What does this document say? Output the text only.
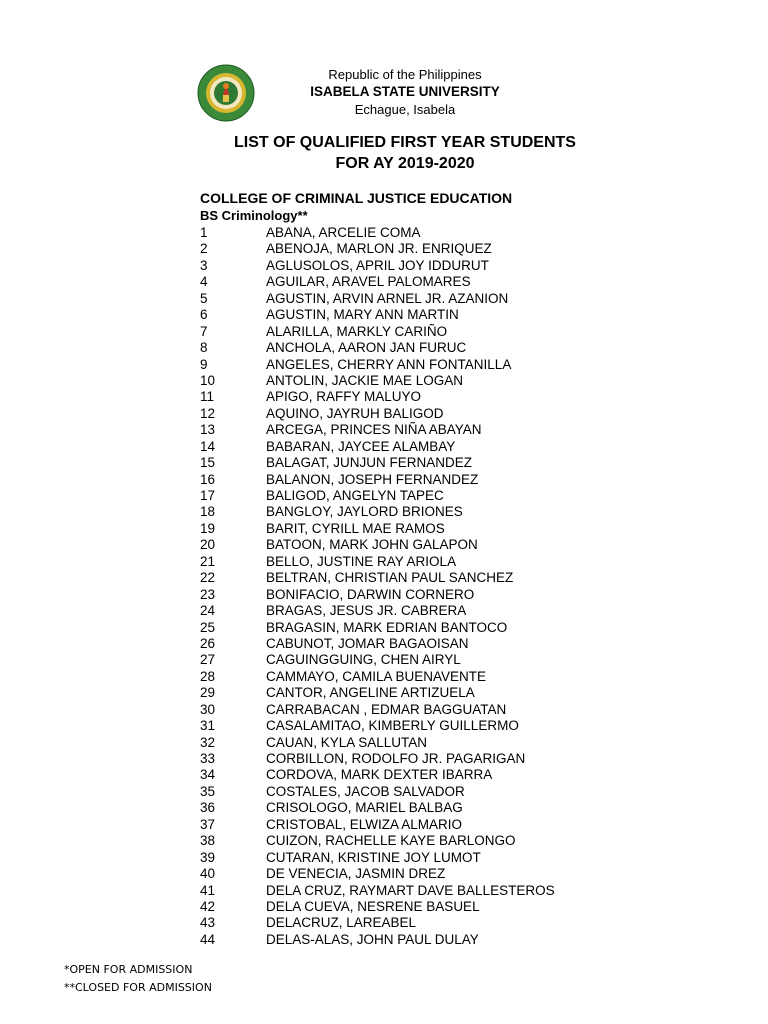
Republic of the Philippines
ISABELA STATE UNIVERSITY
Echague, Isabela
LIST OF QUALIFIED FIRST YEAR STUDENTS
FOR AY 2019-2020
COLLEGE OF CRIMINAL JUSTICE EDUCATION
BS Criminology**
1	ABANA, ARCELIE COMA
2	ABENOJA, MARLON JR. ENRIQUEZ
3	AGLUSOLOS, APRIL JOY IDDURUT
4	AGUILAR, ARAVEL PALOMARES
5	AGUSTIN, ARVIN ARNEL JR. AZANION
6	AGUSTIN, MARY ANN MARTIN
7	ALARILLA, MARKLY CARIÑO
8	ANCHOLA, AARON JAN FURUC
9	ANGELES, CHERRY ANN FONTANILLA
10	ANTOLIN, JACKIE MAE LOGAN
11	APIGO, RAFFY MALUYO
12	AQUINO, JAYRUH BALIGOD
13	ARCEGA, PRINCES NIÑA ABAYAN
14	BABARAN, JAYCEE ALAMBAY
15	BALAGAT, JUNJUN FERNANDEZ
16	BALANON, JOSEPH FERNANDEZ
17	BALIGOD, ANGELYN TAPEC
18	BANGLOY, JAYLORD BRIONES
19	BARIT, CYRILL MAE RAMOS
20	BATOON, MARK JOHN GALAPON
21	BELLO, JUSTINE RAY ARIOLA
22	BELTRAN, CHRISTIAN PAUL SANCHEZ
23	BONIFACIO, DARWIN CORNERO
24	BRAGAS, JESUS JR. CABRERA
25	BRAGASIN, MARK EDRIAN BANTOCO
26	CABUNOT, JOMAR BAGAOISAN
27	CAGUINGGUING, CHEN AIRYL
28	CAMMAYO, CAMILA BUENAVENTE
29	CANTOR, ANGELINE ARTIZUELA
30	CARRABACAN , EDMAR BAGGUATAN
31	CASALAMITAO, KIMBERLY GUILLERMO
32	CAUAN, KYLA SALLUTAN
33	CORBILLON, RODOLFO JR. PAGARIGAN
34	CORDOVA, MARK DEXTER IBARRA
35	COSTALES, JACOB SALVADOR
36	CRISOLOGO, MARIEL BALBAG
37	CRISTOBAL, ELWIZA ALMARIO
38	CUIZON, RACHELLE KAYE BARLONGO
39	CUTARAN, KRISTINE JOY LUMOT
40	DE VENECIA, JASMIN DREZ
41	DELA CRUZ, RAYMART DAVE BALLESTEROS
42	DELA CUEVA, NESRENE BASUEL
43	DELACRUZ, LAREABEL
44	DELAS-ALAS, JOHN PAUL DULAY
*OPEN FOR ADMISSION
**CLOSED FOR ADMISSION
